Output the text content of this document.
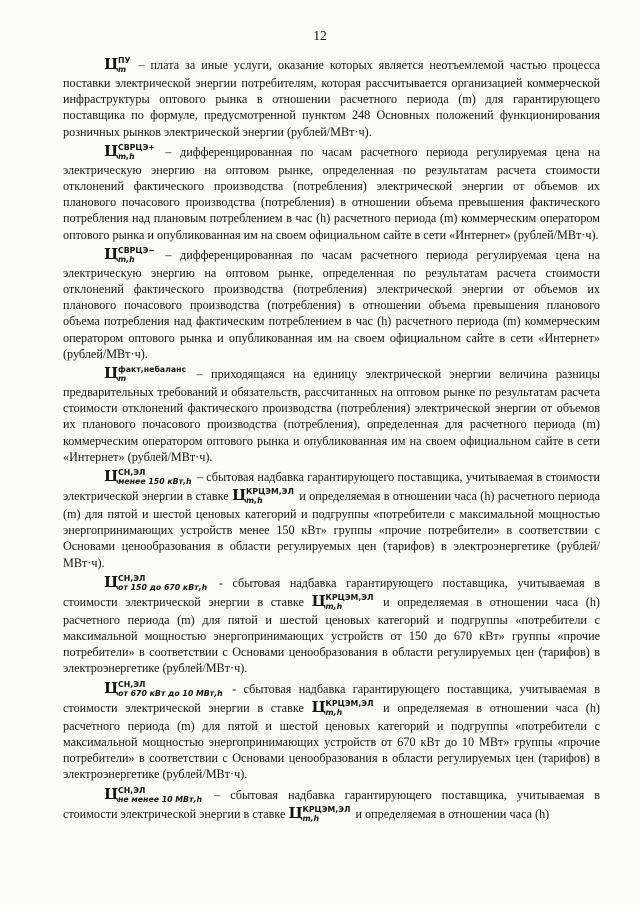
12

Ц ПУ
m – плата за иные услуги, оказание которых является неотъемлемой частью процесса поставки электрической энергии потребителям, которая рассчитывается организацией коммерческой инфраструктуры оптового рынка в отношении расчетного периода (m) для гарантирующего поставщика по формуле, предусмотренной пунктом 248 Основных положений функционирования розничных рынков электрической энергии (рублей/МВт·ч).

Ц СВРЦЭ+
m,h	– дифференцированная по часам расчетного периода регулируемая цена на электрическую энергию на оптовом рынке, определенная по результатам расчета стоимости отклонений фактического производства (потребления) электрической энергии от объемов их планового почасового производства (потребления) в отношении объема превышения фактического потребления над плановым потреблением в час (h) расчетного периода (m) коммерческим оператором оптового рынка и опубликованная им на своем официальном сайте в сети «Интернет» (рублей/МВт·ч).

Ц СВРЦЭ−
m,h	– дифференцированная по часам расчетного периода регулируемая цена на электрическую энергию на оптовом рынке, определенная по результатам расчета стоимости отклонений фактического производства (потребления) электрической энергии от объемов их планового почасового производства (потребления) в отношении объема превышения планового объема потребления над фактическим потреблением в час (h) расчетного периода (m) коммерческим оператором оптового рынка и опубликованная им на своем официальном сайте в сети «Интернет» (рублей/МВт·ч).

Ц факт,небаланс
m	– приходящаяся на единицу электрической энергии величина разницы предварительных требований и обязательств, рассчитанных на оптовом рынке по результатам расчета стоимости отклонений фактического производства (потребления) электрической энергии от объемов их планового почасового производства (потребления), определенная для расчетного периода (m) коммерческим оператором оптового рынка и опубликованная им на своем официальном сайте в сети «Интернет» (рублей/МВт·ч).

Ц СН,ЭЛ
менее 150 кВт,h – сбытовая надбавка гарантирующего поставщика, учитываемая в стоимости электрической энергии в ставке Ц КРЦЭМ,ЭЛ
m,h	и определяемая в отношении часа (h) расчетного периода (m) для пятой и шестой ценовых категорий и подгруппы «потребители с максимальной мощностью энергопринимающих устройств менее 150 кВт» группы «прочие потребители» в соответствии с Основами ценообразования в области регулируемых цен (тарифов) в электроэнергетике (рублей/МВт·ч).

Ц СН,ЭЛ
от 150 до 670 кВт,h - сбытовая надбавка гарантирующего поставщика, учитываемая в стоимости электрической энергии в ставке Ц КРЦЭМ,ЭЛ
m,h	и определяемая в отношении часа (h) расчетного периода (m) для пятой и шестой ценовых категорий и подгруппы «потребители с максимальной мощностью энергопринимающих устройств от 150 до 670 кВт» группы «прочие потребители» в соответствии с Основами ценообразования в области регулируемых цен (тарифов) в электроэнергетике (рублей/МВт·ч).

Ц СН,ЭЛ
от 670 кВт до 10 МВт,h - сбытовая надбавка гарантирующего поставщика, учитываемая в стоимости электрической энергии в ставке Ц КРЦЭМ,ЭЛ
m,h	и определяемая в отношении часа (h) расчетного периода (m) для пятой и шестой ценовых категорий и подгруппы «потребители с максимальной мощностью энергопринимающих устройств от 670 кВт до 10 МВт» группы «прочие потребители» в соответствии с Основами ценообразования в области регулируемых цен (тарифов) в электроэнергетике (рублей/МВт·ч).

Ц СН,ЭЛ
не менее 10 МВт,h – сбытовая надбавка гарантирующего поставщика, учитываемая в стоимости электрической энергии в ставке Ц КРЦЭМ,ЭЛ
m,h	и определяемая в отношении часа (h)
